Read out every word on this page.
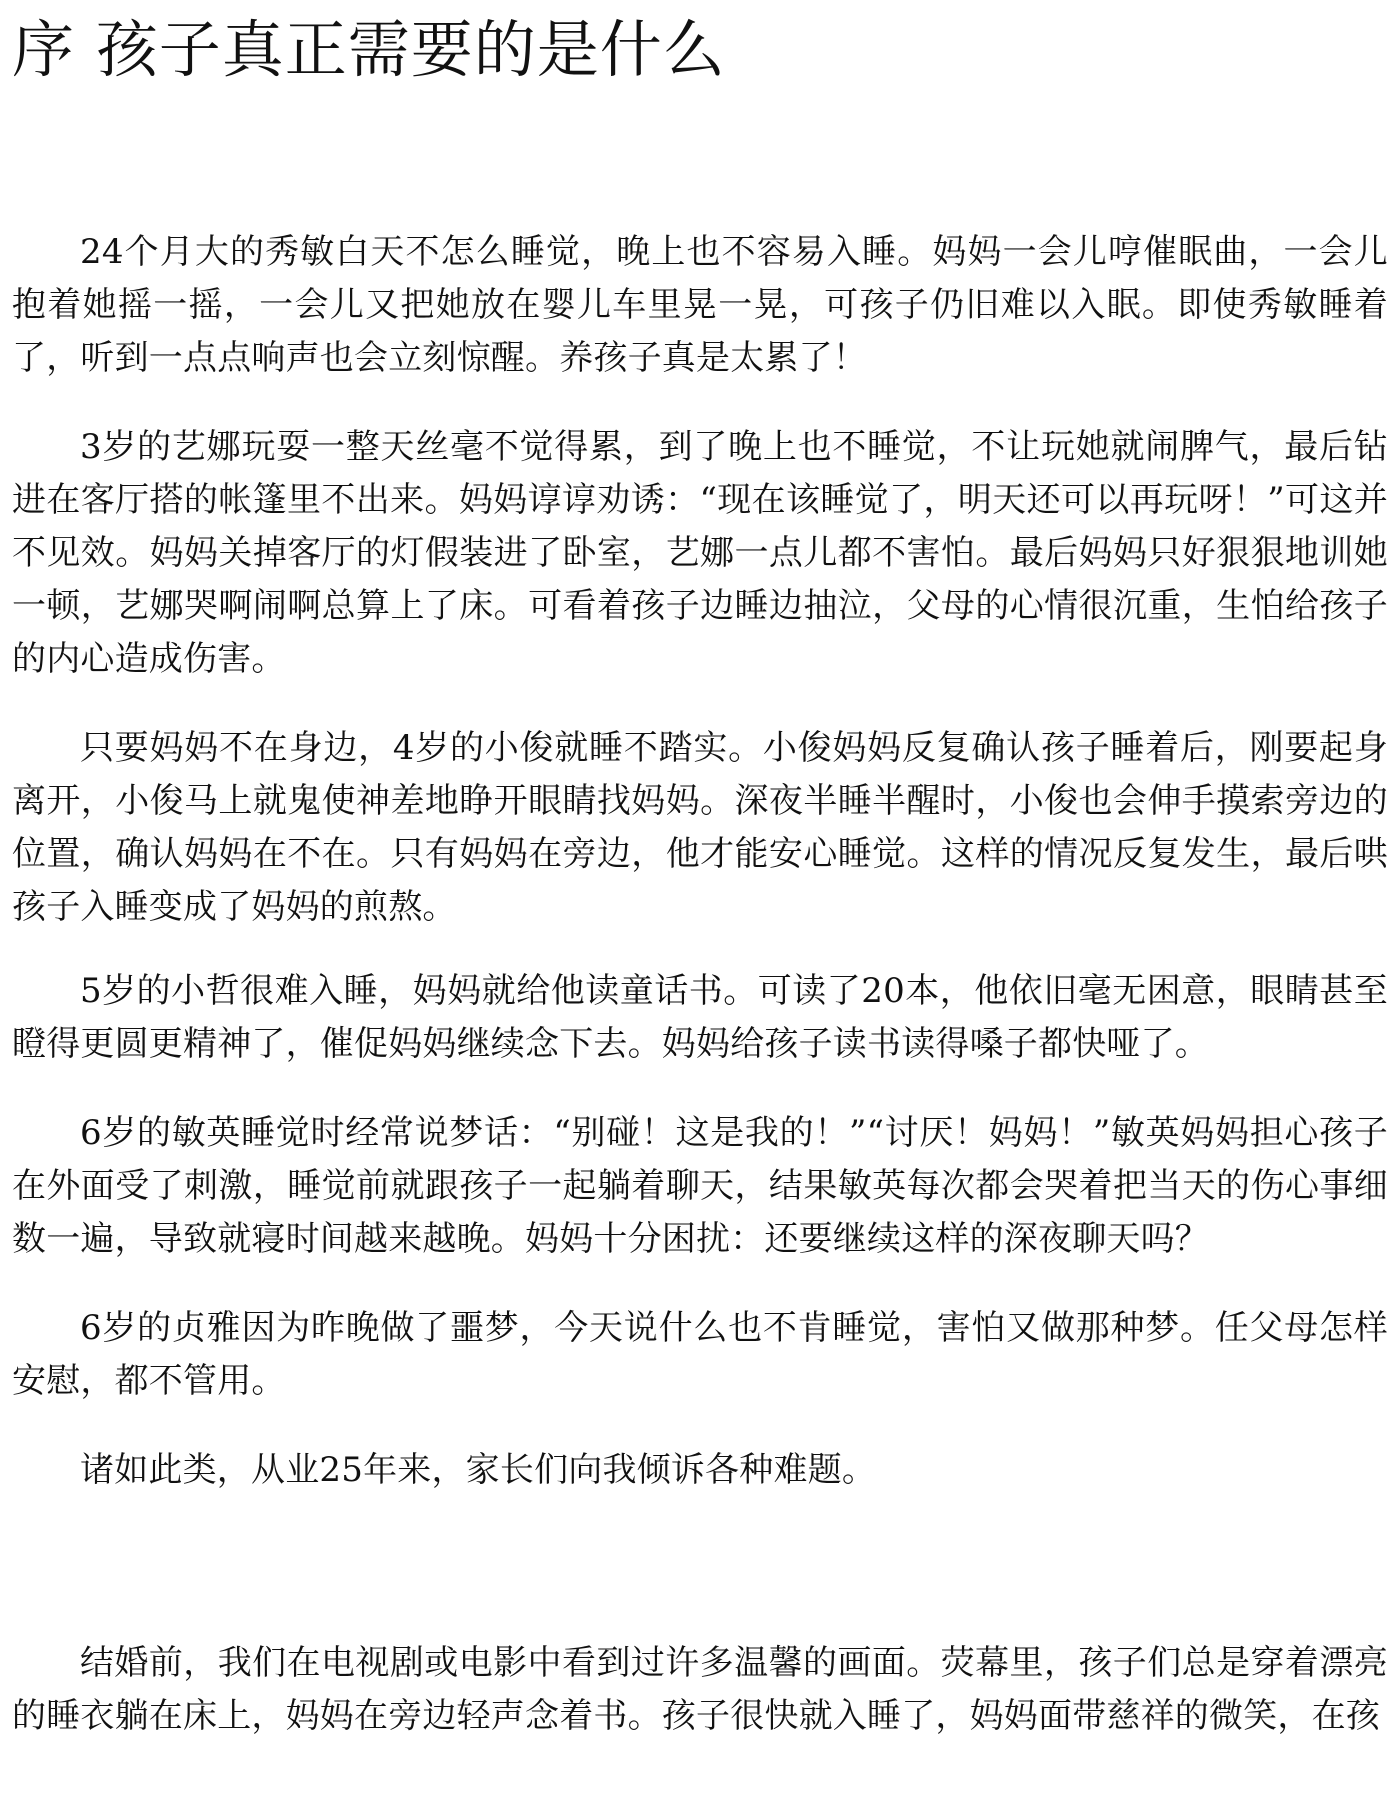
序 孩子真正需要的是什么

24个月大的秀敏白天不怎么睡觉，晚上也不容易入睡。妈妈一会儿哼催眠曲，一会儿抱着她摇一摇，一会儿又把她放在婴儿车里晃一晃，可孩子仍旧难以入眠。即使秀敏睡着了，听到一点点响声也会立刻惊醒。养孩子真是太累了！

3岁的艺娜玩耍一整天丝毫不觉得累，到了晚上也不睡觉，不让玩她就闹脾气，最后钻进在客厅搭的帐篷里不出来。妈妈谆谆劝诱：“现在该睡觉了，明天还可以再玩呀！”可这并不见效。妈妈关掉客厅的灯假装进了卧室，艺娜一点儿都不害怕。最后妈妈只好狠狠地训她一顿，艺娜哭啊闹啊总算上了床。可看着孩子边睡边抽泣，父母的心情很沉重，生怕给孩子的内心造成伤害。

只要妈妈不在身边，4岁的小俊就睡不踏实。小俊妈妈反复确认孩子睡着后，刚要起身离开，小俊马上就鬼使神差地睁开眼睛找妈妈。深夜半睡半醒时，小俊也会伸手摸索旁边的位置，确认妈妈在不在。只有妈妈在旁边，他才能安心睡觉。这样的情况反复发生，最后哄孩子入睡变成了妈妈的煎熬。

5岁的小哲很难入睡，妈妈就给他读童话书。可读了20本，他依旧毫无困意，眼睛甚至瞪得更圆更精神了，催促妈妈继续念下去。妈妈给孩子读书读得嗓子都快哑了。

6岁的敏英睡觉时经常说梦话：“别碰！这是我的！”“讨厌！妈妈！”敏英妈妈担心孩子在外面受了刺激，睡觉前就跟孩子一起躺着聊天，结果敏英每次都会哭着把当天的伤心事细数一遍，导致就寝时间越来越晚。妈妈十分困扰：还要继续这样的深夜聊天吗？

6岁的贞雅因为昨晚做了噩梦，今天说什么也不肯睡觉，害怕又做那种梦。任父母怎样安慰，都不管用。

诸如此类，从业25年来，家长们向我倾诉各种难题。

结婚前，我们在电视剧或电影中看到过许多温馨的画面。荧幕里，孩子们总是穿着漂亮的睡衣躺在床上，妈妈在旁边轻声念着书。孩子很快就入睡了，妈妈面带慈祥的微笑，在孩
